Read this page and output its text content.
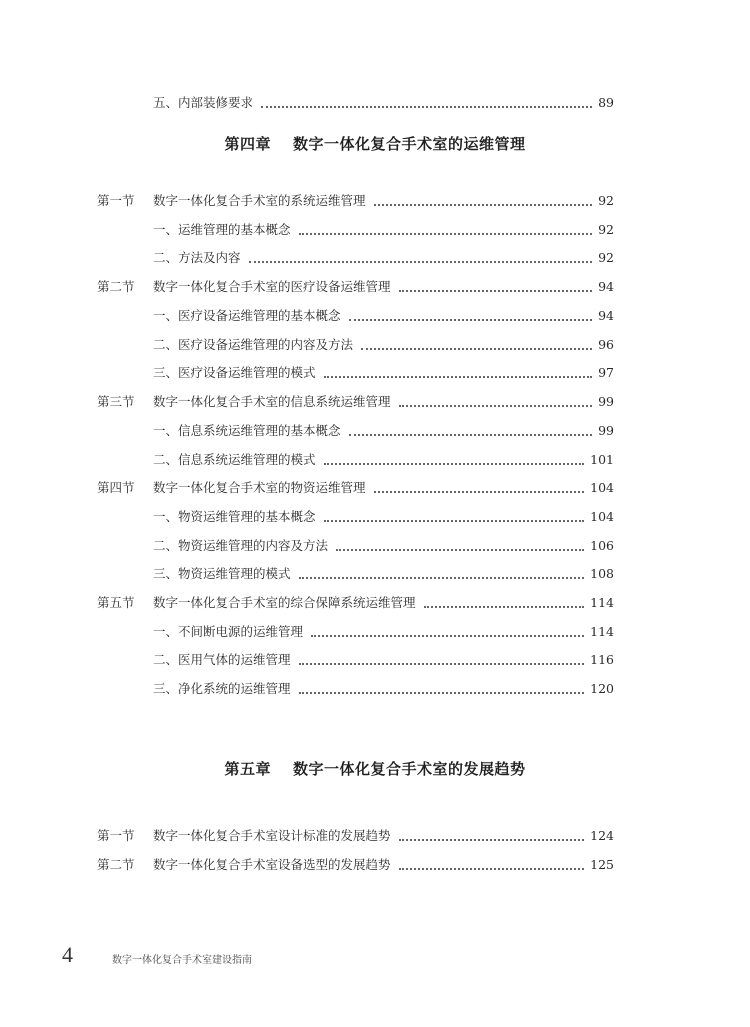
五、内部装修要求	89
第四章 数字一体化复合手术室的运维管理
第一节	数字一体化复合手术室的系统运维管理	92
一、运维管理的基本概念	92
二、方法及内容	92
第二节	数字一体化复合手术室的医疗设备运维管理	94
一、医疗设备运维管理的基本概念	94
二、医疗设备运维管理的内容及方法	96
三、医疗设备运维管理的模式	97
第三节	数字一体化复合手术室的信息系统运维管理	99
一、信息系统运维管理的基本概念	99
二、信息系统运维管理的模式	101
第四节	数字一体化复合手术室的物资运维管理	104
一、物资运维管理的基本概念	104
二、物资运维管理的内容及方法	106
三、物资运维管理的模式	108
第五节	数字一体化复合手术室的综合保障系统运维管理	114
一、不间断电源的运维管理	114
二、医用气体的运维管理	116
三、净化系统的运维管理	120
第五章 数字一体化复合手术室的发展趋势
第一节	数字一体化复合手术室设计标准的发展趋势	124
第二节	数字一体化复合手术室设备选型的发展趋势	125
4	数字一体化复合手术室建设指南
